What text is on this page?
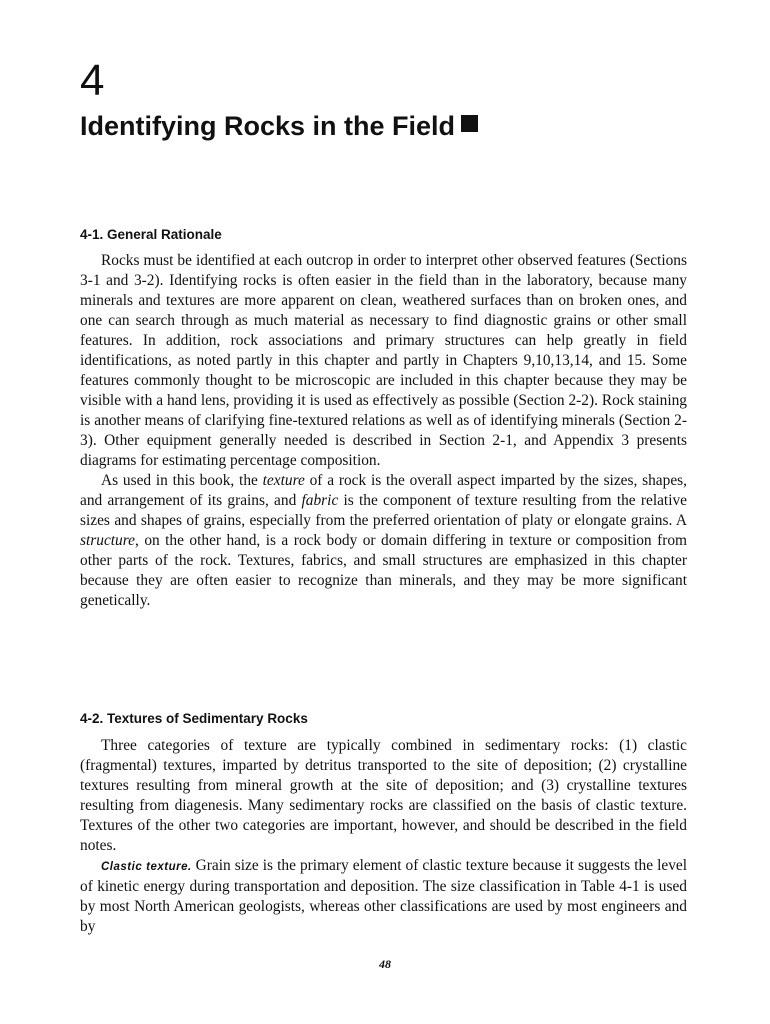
4
Identifying Rocks in the Field
4-1. General Rationale

Rocks must be identified at each outcrop in order to interpret other observed features (Sections 3-1 and 3-2). Identifying rocks is often easier in the field than in the laboratory, because many minerals and textures are more apparent on clean, weathered surfaces than on broken ones, and one can search through as much material as necessary to find diagnostic grains or other small features. In addition, rock associations and primary structures can help greatly in field identifications, as noted partly in this chapter and partly in Chapters 9,10,13,14, and 15. Some features commonly thought to be microscopic are included in this chapter because they may be visible with a hand lens, providing it is used as effectively as possible (Section 2-2). Rock staining is another means of clarifying fine-textured relations as well as of identifying minerals (Section 2-3). Other equipment generally needed is described in Section 2-1, and Appendix 3 presents diagrams for estimating percentage composition.

As used in this book, the texture of a rock is the overall aspect imparted by the sizes, shapes, and arrangement of its grains, and fabric is the component of texture resulting from the relative sizes and shapes of grains, especially from the preferred orientation of platy or elongate grains. A structure, on the other hand, is a rock body or domain differing in texture or composition from other parts of the rock. Textures, fabrics, and small structures are emphasized in this chapter because they are often easier to recognize than minerals, and they may be more significant genetically.

4-2. Textures of Sedimentary Rocks

Three categories of texture are typically combined in sedimentary rocks: (1) clastic (fragmental) textures, imparted by detritus transported to the site of deposition; (2) crystalline textures resulting from mineral growth at the site of deposition; and (3) crystalline textures resulting from diagenesis. Many sedimentary rocks are classified on the basis of clastic texture. Textures of the other two categories are important, however, and should be described in the field notes.

Clastic texture. Grain size is the primary element of clastic texture because it suggests the level of kinetic energy during transportation and deposition. The size classification in Table 4-1 is used by most North American geologists, whereas other classifications are used by most engineers and by

48
